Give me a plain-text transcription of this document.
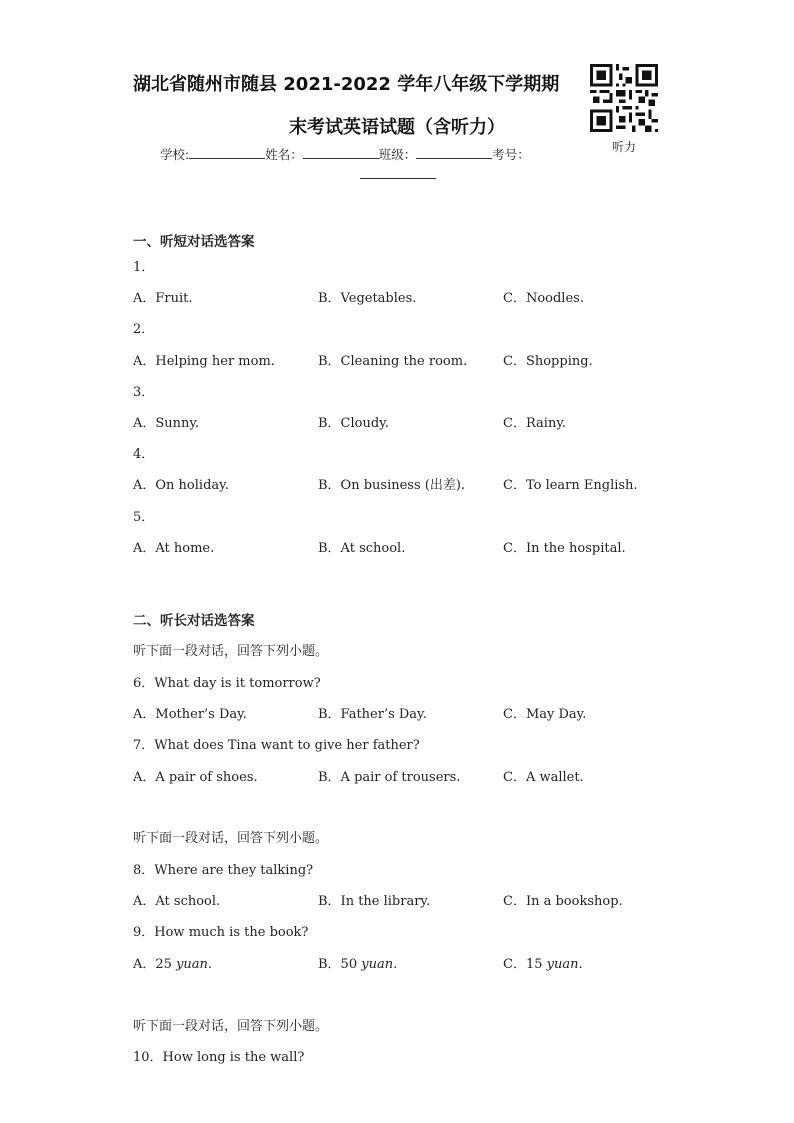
湖北省随州市随县 2021-2022 学年八年级下学期期
末考试英语试题（含听力）
听力
学校:	姓名：	班级：	考号：
一、听短对话选答案
1．
A．Fruit.	B．Vegetables.	C．Noodles.
2．
A．Helping her mom.	B．Cleaning the room.	C．Shopping.
3．
A．Sunny.	B．Cloudy.	C．Rainy.
4．
A．On holiday.	B．On business (出差).	C．To learn English.
5．
A．At home.	B．At school.	C．In the hospital.
二、听长对话选答案
听下面一段对话，回答下列小题。
6．What day is it tomorrow?
A．Mother’s Day.	B．Father’s Day.	C．May Day.
7．What does Tina want to give her father?
A．A pair of shoes.	B．A pair of trousers.	C．A wallet.
听下面一段对话，回答下列小题。
8．Where are they talking?
A．At school.	B．In the library.	C．In a bookshop.
9．How much is the book?
A．25 yuan.	B．50 yuan.	C．15 yuan.
听下面一段对话，回答下列小题。
10．How long is the wall?
